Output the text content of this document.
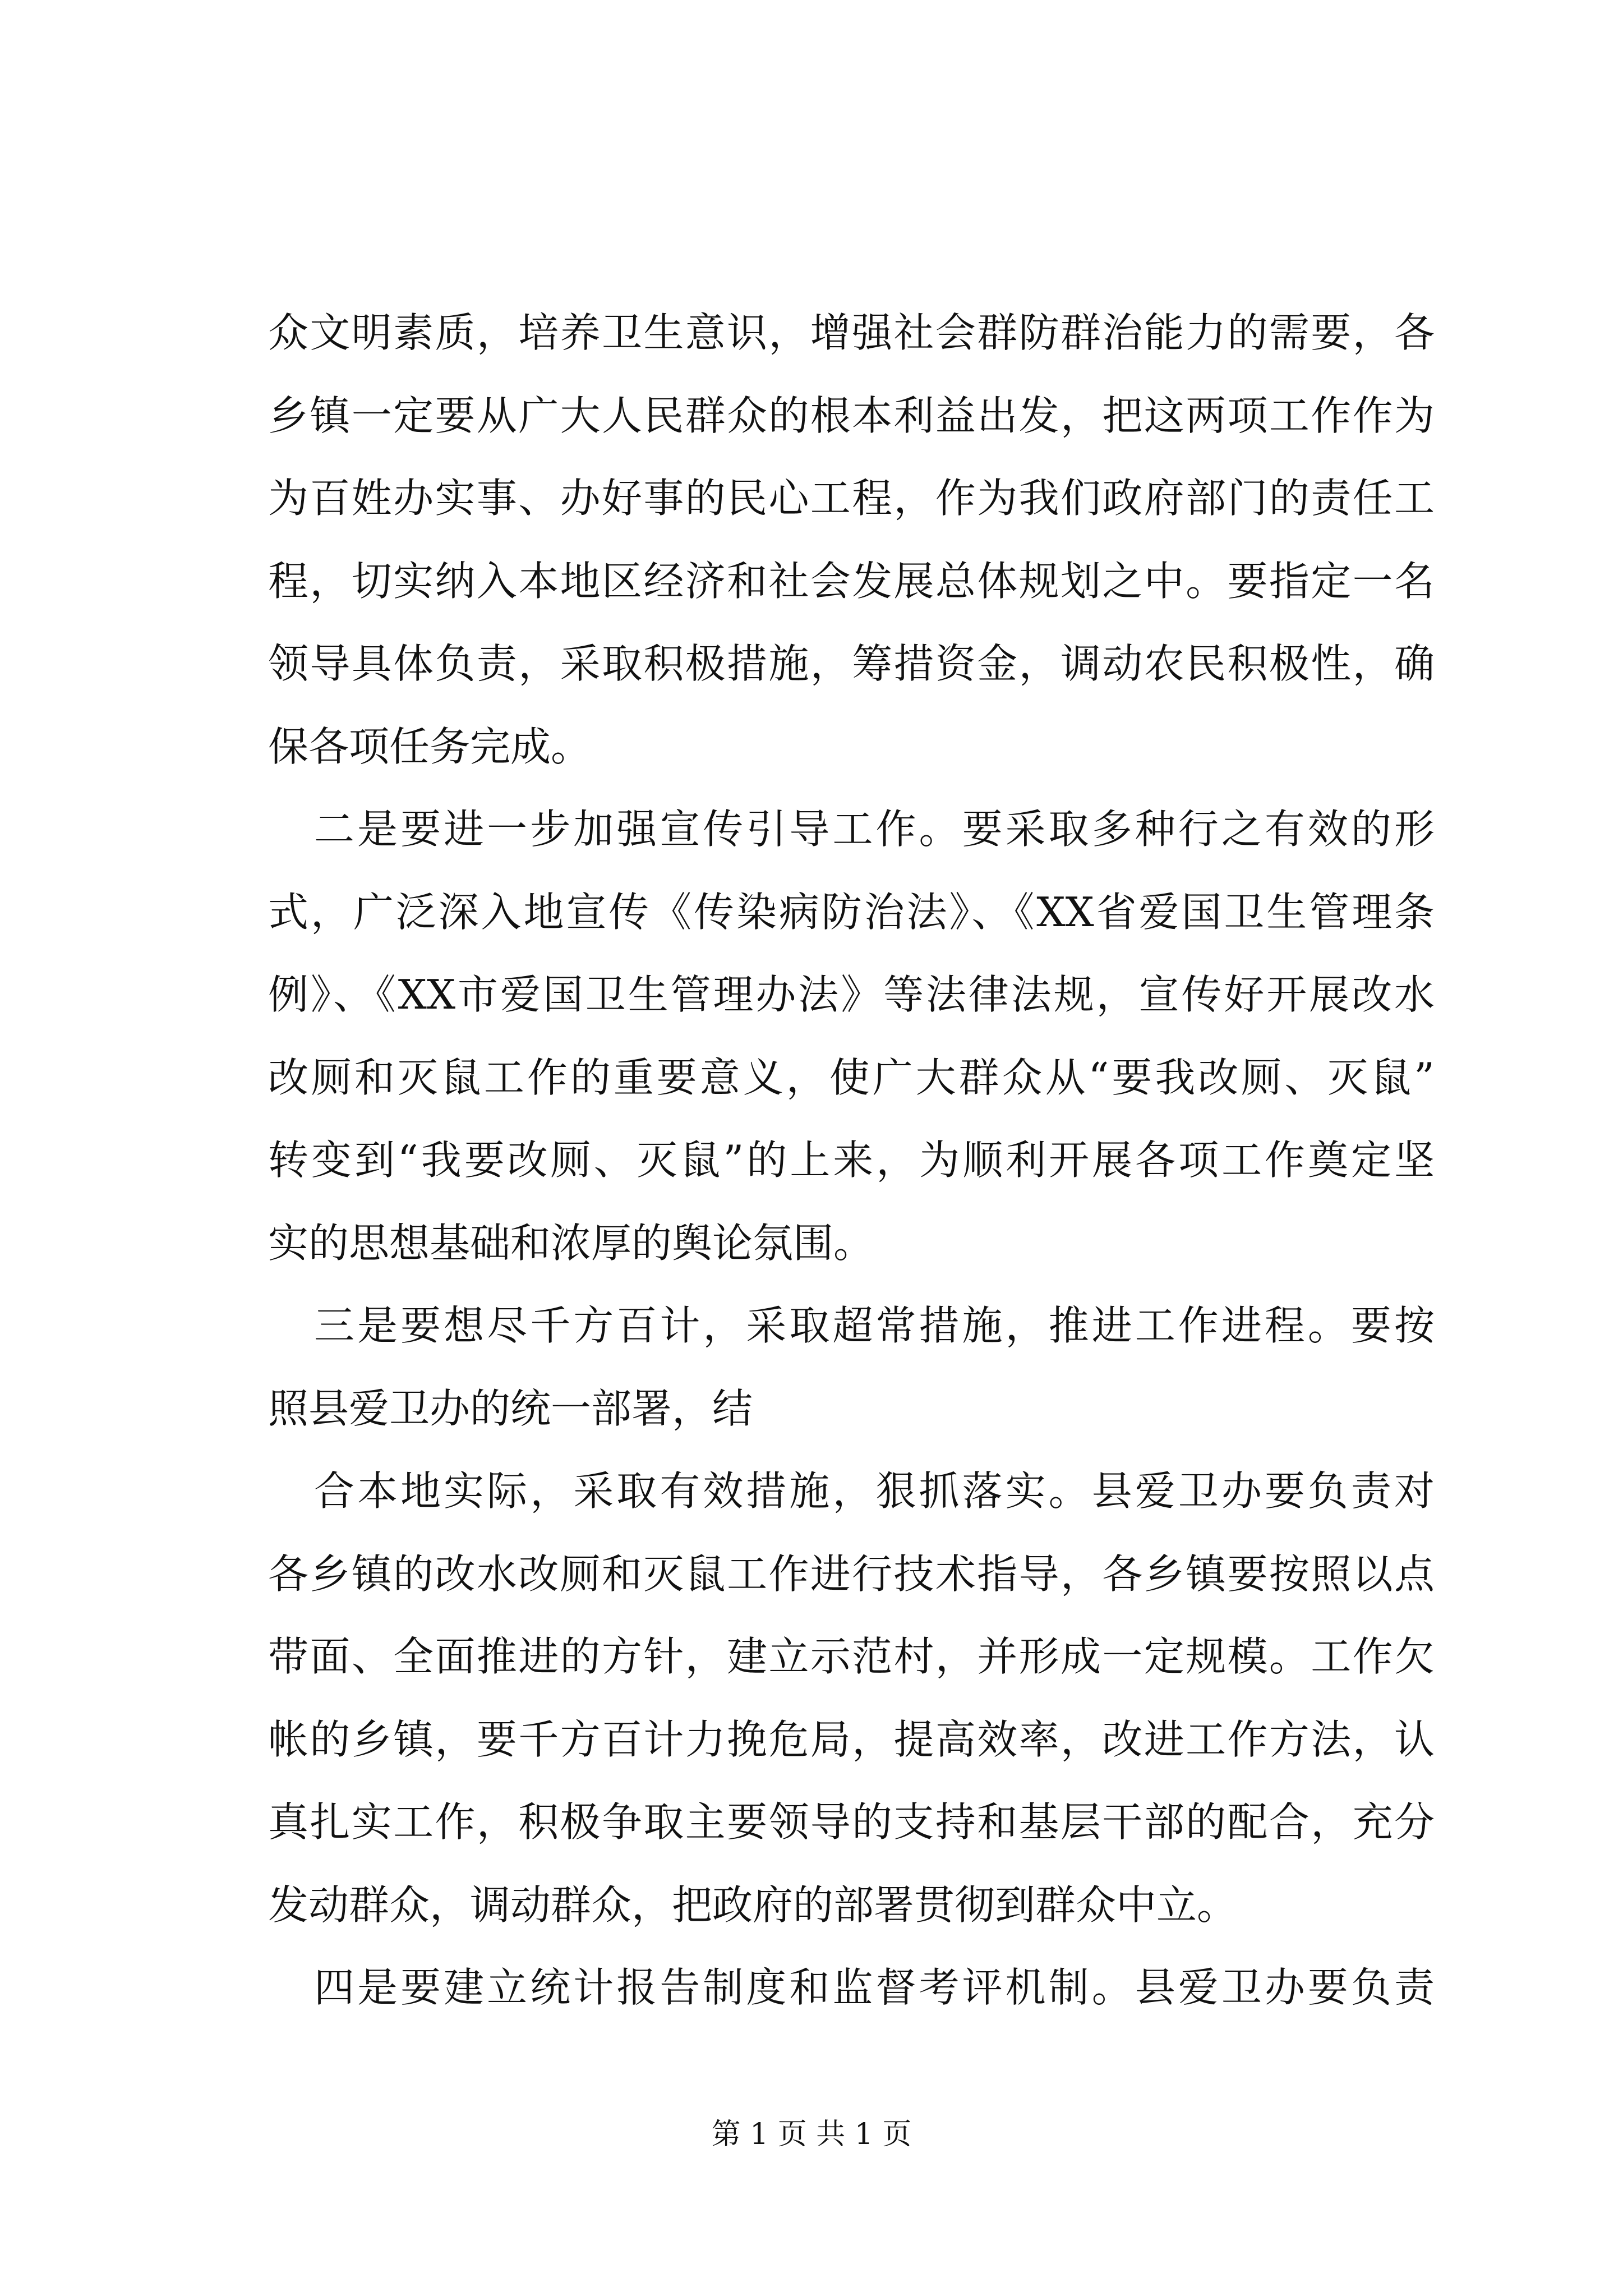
众文明素质，培养卫生意识，增强社会群防群治能力的需要，各
乡镇一定要从广大人民群众的根本利益出发，把这两项工作作为
为百姓办实事、办好事的民心工程，作为我们政府部门的责任工
程，切实纳入本地区经济和社会发展总体规划之中。要指定一名
领导具体负责，采取积极措施，筹措资金，调动农民积极性，确
保各项任务完成。
二是要进一步加强宣传引导工作。要采取多种行之有效的形
式，广泛深入地宣传《传染病防治法》、《XX省爱国卫生管理条
例》、《XX市爱国卫生管理办法》等法律法规，宣传好开展改水
改厕和灭鼠工作的重要意义，使广大群众从“要我改厕、灭鼠”
转变到“我要改厕、灭鼠”的上来，为顺利开展各项工作奠定坚
实的思想基础和浓厚的舆论氛围。
三是要想尽千方百计，采取超常措施，推进工作进程。要按
照县爱卫办的统一部署，结
合本地实际，采取有效措施，狠抓落实。县爱卫办要负责对
各乡镇的改水改厕和灭鼠工作进行技术指导，各乡镇要按照以点
带面、全面推进的方针，建立示范村，并形成一定规模。工作欠
帐的乡镇，要千方百计力挽危局，提高效率，改进工作方法，认
真扎实工作，积极争取主要领导的支持和基层干部的配合，充分
发动群众，调动群众，把政府的部署贯彻到群众中立。
四是要建立统计报告制度和监督考评机制。县爱卫办要负责
第 1 页 共 1 页
